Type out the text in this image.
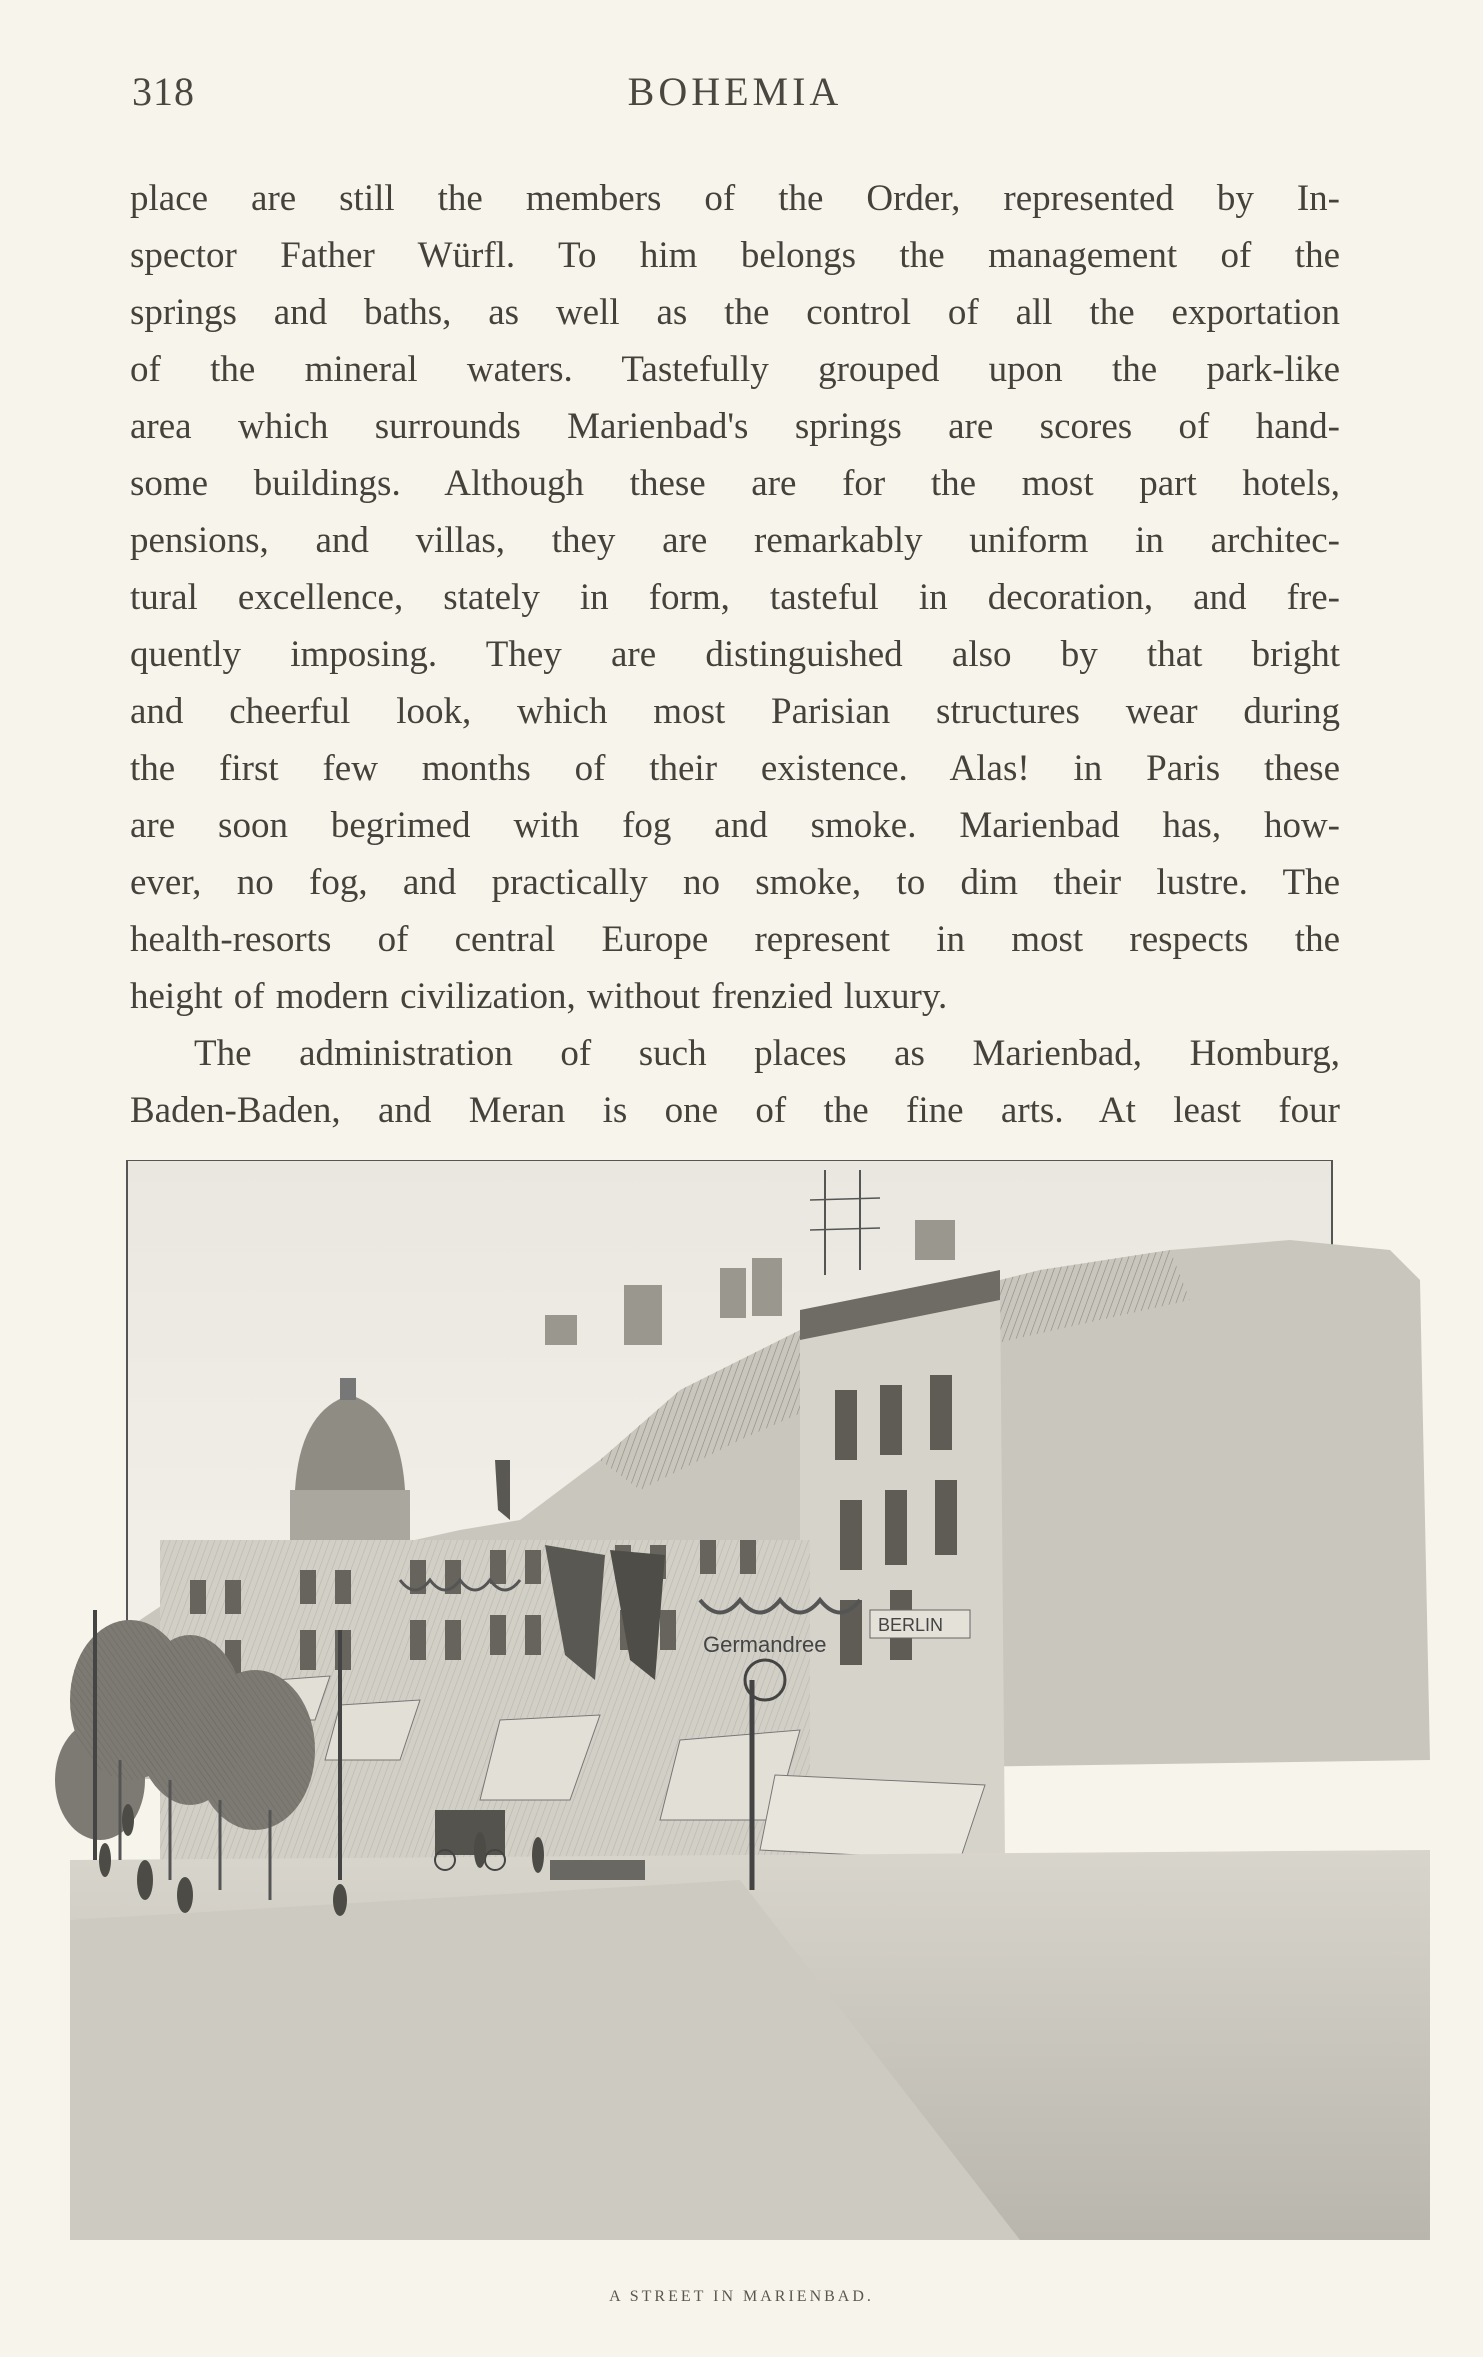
318	BOHEMIA
place are still the members of the Order, represented by In-
spector Father Würfl. To him belongs the management of the
springs and baths, as well as the control of all the exportation
of the mineral waters. Tastefully grouped upon the park-like
area which surrounds Marienbad's springs are scores of hand-
some buildings. Although these are for the most part hotels,
pensions, and villas, they are remarkably uniform in architec-
tural excellence, stately in form, tasteful in decoration, and fre-
quently imposing. They are distinguished also by that bright
and cheerful look, which most Parisian structures wear during
the first few months of their existence. Alas! in Paris these
are soon begrimed with fog and smoke. Marienbad has, how-
ever, no fog, and practically no smoke, to dim their lustre. The
health-resorts of central Europe represent in most respects the
height of modern civilization, without frenzied luxury.
The administration of such places as Marienbad, Homburg,
Baden-Baden, and Meran is one of the fine arts. At least four
BERLIN
Germandree
A STREET IN MARIENBAD.
